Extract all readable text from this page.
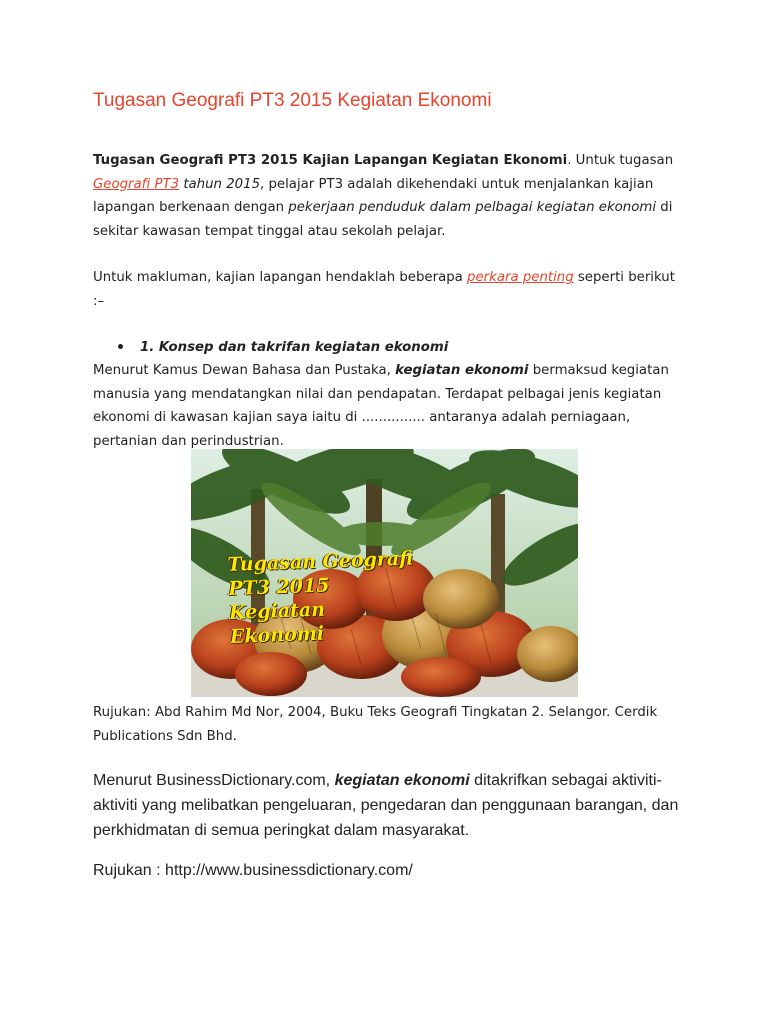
Tugasan Geografi PT3 2015 Kegiatan Ekonomi

Tugasan Geografi PT3 2015 Kajian Lapangan Kegiatan Ekonomi. Untuk tugasan Geografi PT3 tahun 2015, pelajar PT3 adalah dikehendaki untuk menjalankan kajian lapangan berkenaan dengan pekerjaan penduduk dalam pelbagai kegiatan ekonomi di sekitar kawasan tempat tinggal atau sekolah pelajar.

Untuk makluman, kajian lapangan hendaklah beberapa perkara penting seperti berikut :–

1. Konsep dan takrifan kegiatan ekonomi

Menurut Kamus Dewan Bahasa dan Pustaka, kegiatan ekonomi bermaksud kegiatan manusia yang mendatangkan nilai dan pendapatan. Terdapat pelbagai jenis kegiatan ekonomi di kawasan kajian saya iaitu di ............... antaranya adalah perniagaan, pertanian dan perindustrian.

Tugasan Geografi
PT3 2015
Kegiatan
Ekonomi

Rujukan: Abd Rahim Md Nor, 2004, Buku Teks Geografi Tingkatan 2. Selangor. Cerdik Publications Sdn Bhd.

Menurut BusinessDictionary.com, kegiatan ekonomi ditakrifkan sebagai aktiviti-aktiviti yang melibatkan pengeluaran, pengedaran dan penggunaan barangan, dan perkhidmatan di semua peringkat dalam masyarakat.

Rujukan : http://www.businessdictionary.com/
